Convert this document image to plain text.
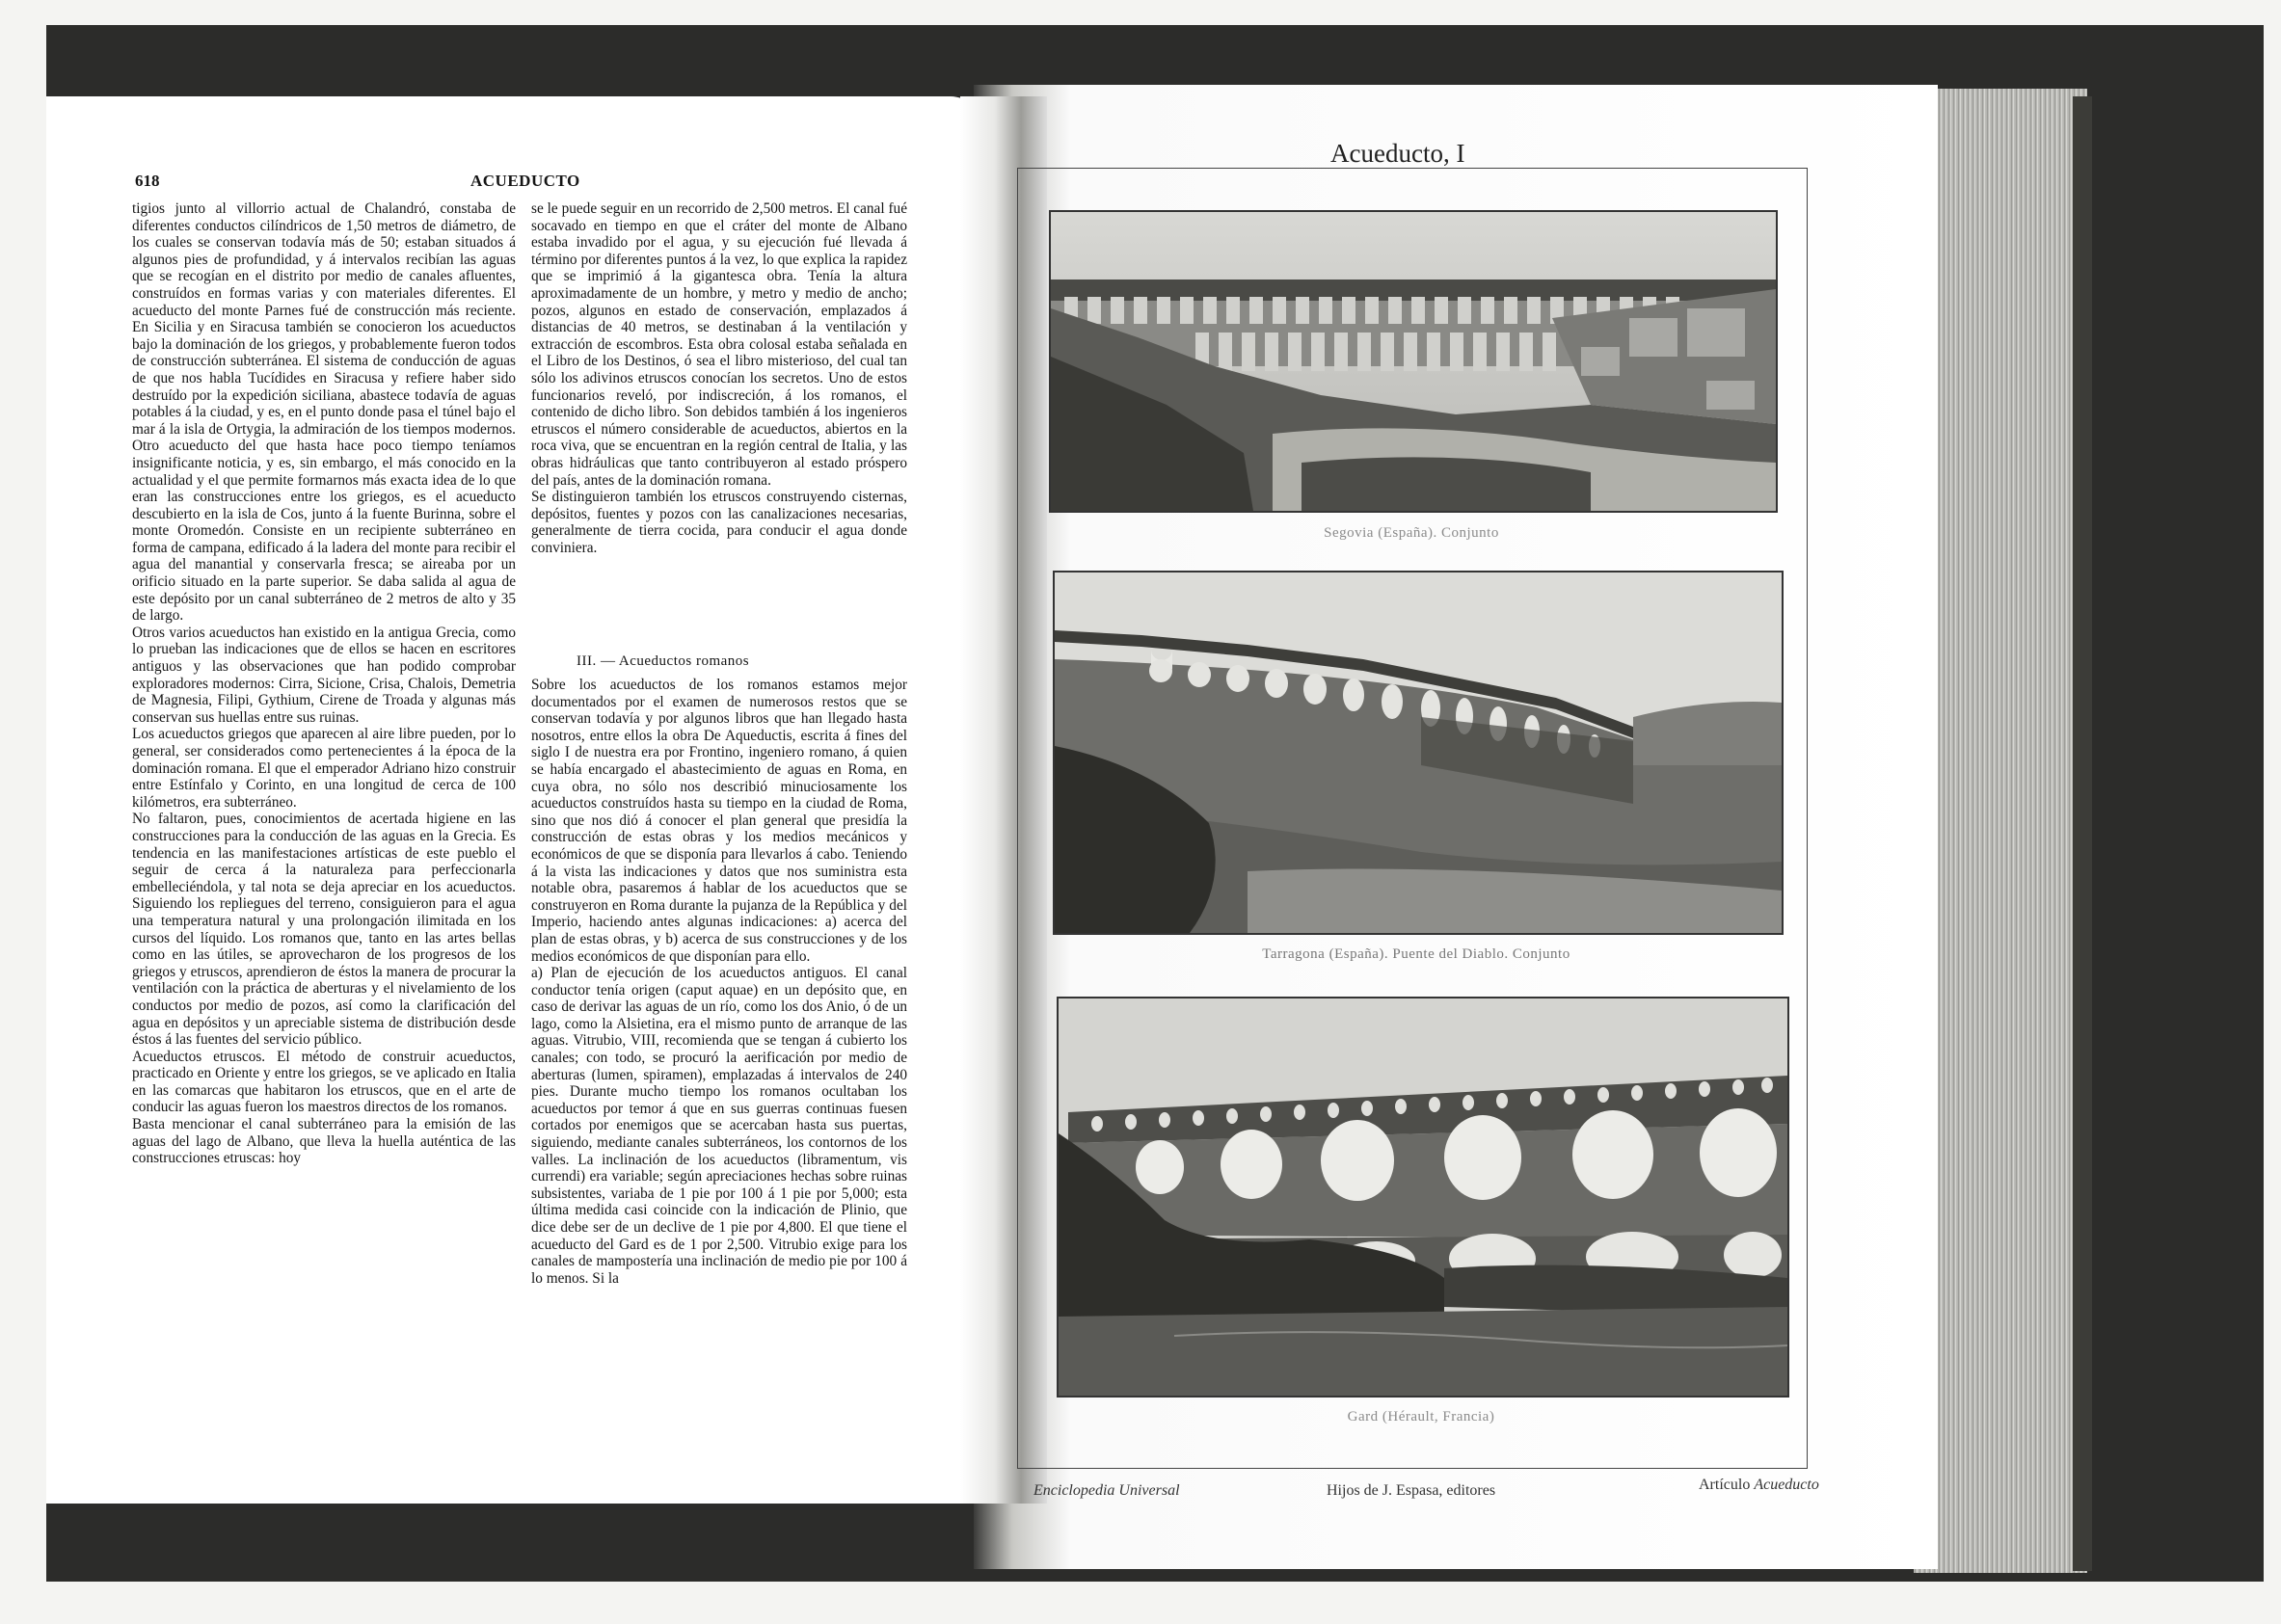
618	ACUEDUCTO
tigios junto al villorrio actual de Chalandró, constaba de diferentes conductos cilíndricos de 1,50 metros de diámetro, de los cuales se conservan todavía más de 50; estaban situados á algunos pies de profundidad, y á intervalos recibían las aguas que se recogían en el distrito por medio de canales afluentes, construídos en formas varias y con materiales diferentes. El acueducto del monte Parnes fué de construcción más reciente. En Sicilia y en Siracusa también se conocieron los acueductos bajo la dominación de los griegos, y probablemente fueron todos de construcción subterránea. El sistema de conducción de aguas de que nos habla Tucídides en Siracusa y refiere haber sido destruído por la expedición siciliana, abastece todavía de aguas potables á la ciudad, y es, en el punto donde pasa el túnel bajo el mar á la isla de Ortygia, la admiración de los tiempos modernos. Otro acueducto del que hasta hace poco tiempo teníamos insignificante noticia, y es, sin embargo, el más conocido en la actualidad y el que permite formarnos más exacta idea de lo que eran las construcciones entre los griegos, es el acueducto descubierto en la isla de Cos, junto á la fuente Burinna, sobre el monte Oromedón. Consiste en un recipiente subterráneo en forma de campana, edificado á la ladera del monte para recibir el agua del manantial y conservarla fresca; se aireaba por un orificio situado en la parte superior. Se daba salida al agua de este depósito por un canal subterráneo de 2 metros de alto y 35 de largo.
Otros varios acueductos han existido en la antigua Grecia, como lo prueban las indicaciones que de ellos se hacen en escritores antiguos y las observaciones que han podido comprobar exploradores modernos: Cirra, Sicione, Crisa, Chalois, Demetria de Magnesia, Filipi, Gythium, Cirene de Troada y algunas más conservan sus huellas entre sus ruinas.
Los acueductos griegos que aparecen al aire libre pueden, por lo general, ser considerados como pertenecientes á la época de la dominación romana. El que el emperador Adriano hizo construir entre Estínfalo y Corinto, en una longitud de cerca de 100 kilómetros, era subterráneo.
No faltaron, pues, conocimientos de acertada higiene en las construcciones para la conducción de las aguas en la Grecia. Es tendencia en las manifestaciones artísticas de este pueblo el seguir de cerca á la naturaleza para perfeccionarla embelleciéndola, y tal nota se deja apreciar en los acueductos. Siguiendo los repliegues del terreno, consiguieron para el agua una temperatura natural y una prolongación ilimitada en los cursos del líquido. Los romanos que, tanto en las artes bellas como en las útiles, se aprovecharon de los progresos de los griegos y etruscos, aprendieron de éstos la manera de procurar la ventilación con la práctica de aberturas y el nivelamiento de los conductos por medio de pozos, así como la clarificación del agua en depósitos y un apreciable sistema de distribución desde éstos á las fuentes del servicio público.
Acueductos etruscos. El método de construir acueductos, practicado en Oriente y entre los griegos, se ve aplicado en Italia en las comarcas que habitaron los etruscos, que en el arte de conducir las aguas fueron los maestros directos de los romanos.
Basta mencionar el canal subterráneo para la emisión de las aguas del lago de Albano, que lleva la huella auténtica de las construcciones etruscas: hoy
se le puede seguir en un recorrido de 2,500 metros. El canal fué socavado en tiempo en que el cráter del monte de Albano estaba invadido por el agua, y su ejecución fué llevada á término por diferentes puntos á la vez, lo que explica la rapidez que se imprimió á la gigantesca obra. Tenía la altura aproximadamente de un hombre, y metro y medio de ancho; pozos, algunos en estado de conservación, emplazados á distancias de 40 metros, se destinaban á la ventilación y extracción de escombros. Esta obra colosal estaba señalada en el Libro de los Destinos, ó sea el libro misterioso, del cual tan sólo los adivinos etruscos conocían los secretos. Uno de estos funcionarios reveló, por indiscreción, á los romanos, el contenido de dicho libro. Son debidos también á los ingenieros etruscos el número considerable de acueductos, abiertos en la roca viva, que se encuentran en la región central de Italia, y las obras hidráulicas que tanto contribuyeron al estado próspero del país, antes de la dominación romana.
Se distinguieron también los etruscos construyendo cisternas, depósitos, fuentes y pozos con las canalizaciones necesarias, generalmente de tierra cocida, para conducir el agua donde conviniera.
III. — Acueductos romanos
Sobre los acueductos de los romanos estamos mejor documentados por el examen de numerosos restos que se conservan todavía y por algunos libros que han llegado hasta nosotros, entre ellos la obra De Aqueductis, escrita á fines del siglo I de nuestra era por Frontino, ingeniero romano, á quien se había encargado el abastecimiento de aguas en Roma, en cuya obra, no sólo nos describió minuciosamente los acueductos construídos hasta su tiempo en la ciudad de Roma, sino que nos dió á conocer el plan general que presidía la construcción de estas obras y los medios mecánicos y económicos de que se disponía para llevarlos á cabo. Teniendo á la vista las indicaciones y datos que nos suministra esta notable obra, pasaremos á hablar de los acueductos que se construyeron en Roma durante la pujanza de la República y del Imperio, haciendo antes algunas indicaciones: a) acerca del plan de estas obras, y b) acerca de sus construcciones y de los medios económicos de que disponían para ello.
a) Plan de ejecución de los acueductos antiguos. El canal conductor tenía origen (caput aquae) en un depósito que, en caso de derivar las aguas de un río, como los dos Anio, ó de un lago, como la Alsietina, era el mismo punto de arranque de las aguas. Vitrubio, VIII, recomienda que se tengan á cubierto los canales; con todo, se procuró la aerificación por medio de aberturas (lumen, spiramen), emplazadas á intervalos de 240 pies. Durante mucho tiempo los romanos ocultaban los acueductos por temor á que en sus guerras continuas fuesen cortados por enemigos que se acercaban hasta sus puertas, siguiendo, mediante canales subterráneos, los contornos de los valles. La inclinación de los acueductos (libramentum, vis currendi) era variable; según apreciaciones hechas sobre ruinas subsistentes, variaba de 1 pie por 100 á 1 pie por 5,000; esta última medida casi coincide con la indicación de Plinio, que dice debe ser de un declive de 1 pie por 4,800. El que tiene el acueducto del Gard es de 1 por 2,500. Vitrubio exige para los canales de mampostería una inclinación de medio pie por 100 á lo menos. Si la
Acueducto, I
Segovia (España). Conjunto
Tarragona (España). Puente del Diablo. Conjunto
Gard (Hérault, Francia)
Enciclopedia Universal	Hijos de J. Espasa, editores	Artículo Acueducto
